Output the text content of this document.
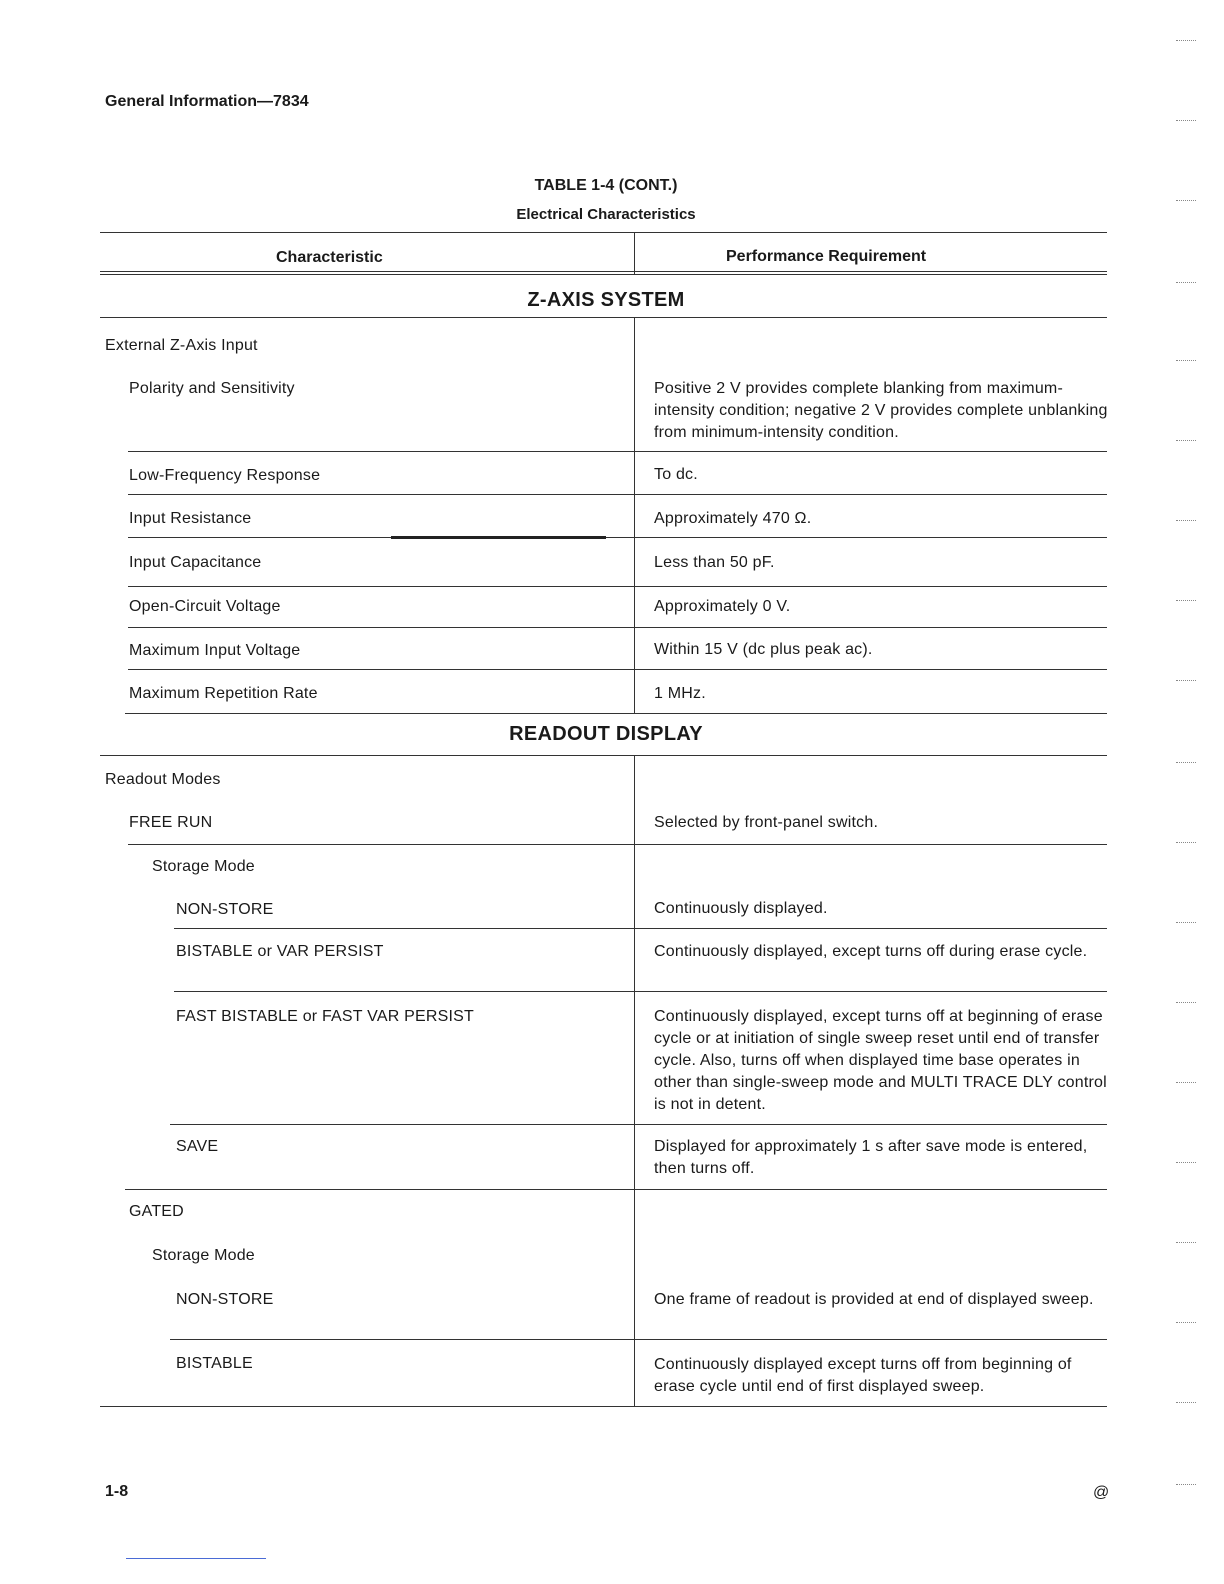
General Information—7834
TABLE 1-4 (CONT.)
Electrical Characteristics
Characteristic	Performance Requirement
Z-AXIS SYSTEM
External Z-Axis Input
Polarity and Sensitivity	Positive 2 V provides complete blanking from maximum-intensity condition; negative 2 V provides complete unblanking from minimum-intensity condition.
Low-Frequency Response	To dc.
Input Resistance	Approximately 470 Ω.
Input Capacitance	Less than 50 pF.
Open-Circuit Voltage	Approximately 0 V.
Maximum Input Voltage	Within 15 V (dc plus peak ac).
Maximum Repetition Rate	1 MHz.
READOUT DISPLAY
Readout Modes
FREE RUN	Selected by front-panel switch.
Storage Mode
NON-STORE	Continuously displayed.
BISTABLE or VAR PERSIST	Continuously displayed, except turns off during erase cycle.
FAST BISTABLE or FAST VAR PERSIST	Continuously displayed, except turns off at beginning of erase cycle or at initiation of single sweep reset until end of transfer cycle. Also, turns off when displayed time base operates in other than single-sweep mode and MULTI TRACE DLY control is not in detent.
SAVE	Displayed for approximately 1 s after save mode is entered, then turns off.
GATED
Storage Mode
NON-STORE	One frame of readout is provided at end of displayed sweep.
BISTABLE	Continuously displayed except turns off from beginning of erase cycle until end of first displayed sweep.
1-8	@
